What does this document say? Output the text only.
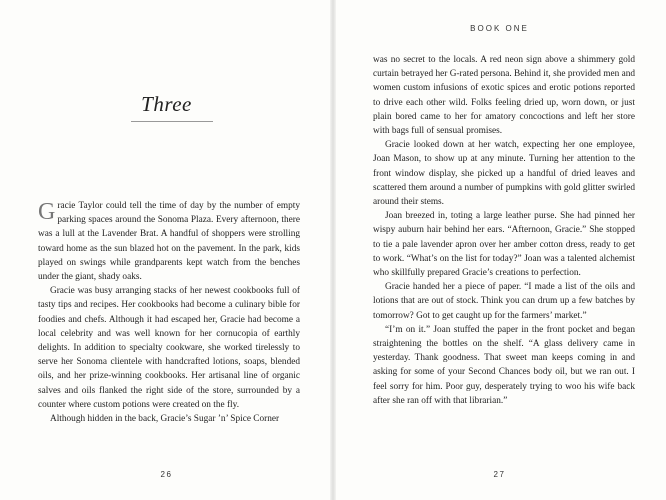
Three

Gracie Taylor could tell the time of day by the number of empty parking spaces around the Sonoma Plaza. Every afternoon, there was a lull at the Lavender Brat. A handful of shoppers were strolling toward home as the sun blazed hot on the pavement. In the park, kids played on swings while grandparents kept watch from the benches under the giant, shady oaks.

Gracie was busy arranging stacks of her newest cookbooks full of tasty tips and recipes. Her cookbooks had become a culinary bible for foodies and chefs. Although it had escaped her, Gracie had become a local celebrity and was well known for her cornucopia of earthly delights. In addition to specialty cookware, she worked tirelessly to serve her Sonoma clientele with handcrafted lotions, soaps, blended oils, and her prize-winning cookbooks. Her artisanal line of organic salves and oils flanked the right side of the store, surrounded by a counter where custom potions were created on the fly.

Although hidden in the back, Gracie’s Sugar ’n’ Spice Corner

26
BOOK ONE

was no secret to the locals. A red neon sign above a shimmery gold curtain betrayed her G-rated persona. Behind it, she provided men and women custom infusions of exotic spices and erotic potions reported to drive each other wild. Folks feeling dried up, worn down, or just plain bored came to her for amatory concoctions and left her store with bags full of sensual promises.

Gracie looked down at her watch, expecting her one employee, Joan Mason, to show up at any minute. Turning her attention to the front window display, she picked up a handful of dried leaves and scattered them around a number of pumpkins with gold glitter swirled around their stems.

Joan breezed in, toting a large leather purse. She had pinned her wispy auburn hair behind her ears. “Afternoon, Gracie.” She stopped to tie a pale lavender apron over her amber cotton dress, ready to get to work. “What’s on the list for today?” Joan was a talented alchemist who skillfully prepared Gracie’s creations to perfection.

Gracie handed her a piece of paper. “I made a list of the oils and lotions that are out of stock. Think you can drum up a few batches by tomorrow? Got to get caught up for the farmers’ market.”

“I’m on it.” Joan stuffed the paper in the front pocket and began straightening the bottles on the shelf. “A glass delivery came in yesterday. Thank goodness. That sweet man keeps coming in and asking for some of your Second Chances body oil, but we ran out. I feel sorry for him. Poor guy, desperately trying to woo his wife back after she ran off with that librarian.”

27
